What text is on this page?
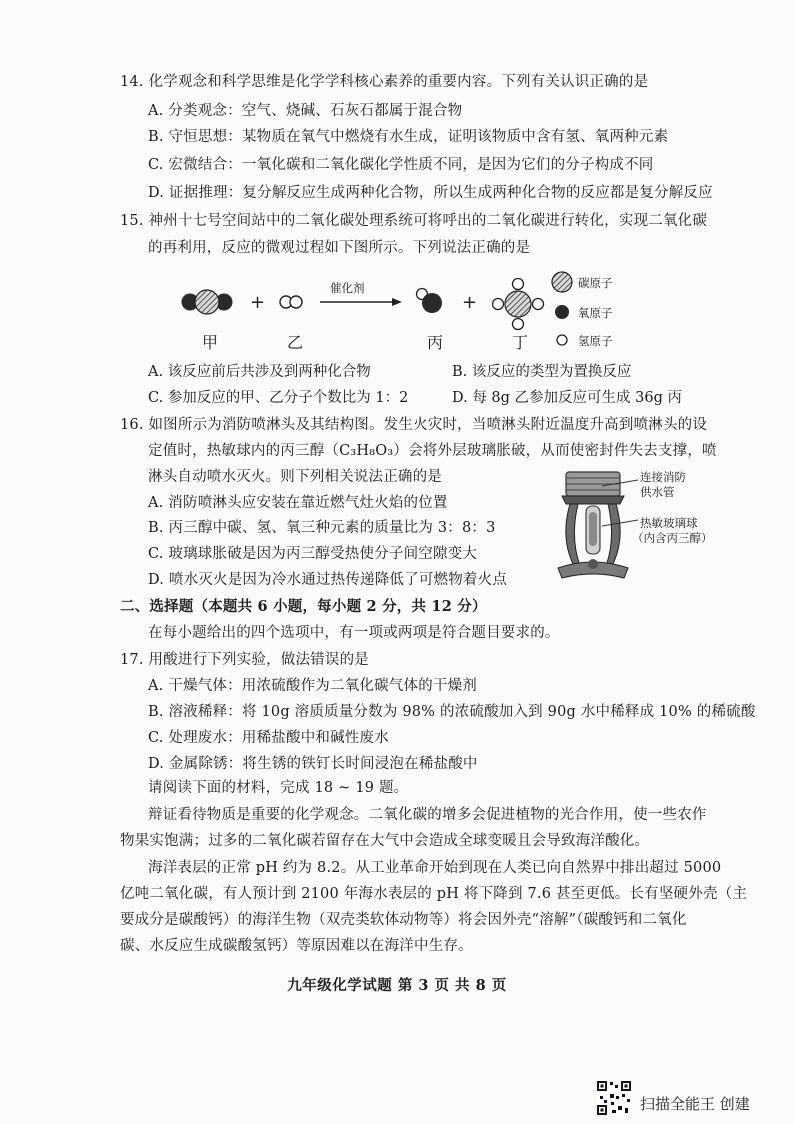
14. 化学观念和科学思维是化学学科核心素养的重要内容。下列有关认识正确的是
A. 分类观念：空气、烧碱、石灰石都属于混合物
B. 守恒思想：某物质在氧气中燃烧有水生成，证明该物质中含有氢、氧两种元素
C. 宏微结合：一氧化碳和二氧化碳化学性质不同，是因为它们的分子构成不同
D. 证据推理：复分解反应生成两种化合物，所以生成两种化合物的反应都是复分解反应
15. 神州十七号空间站中的二氧化碳处理系统可将呼出的二氧化碳进行转化，实现二氧化碳
的再利用，反应的微观过程如下图所示。下列说法正确的是
+	+
催化剂	碳原子
氧原子
氢原子
甲	乙	丙	丁
A. 该反应前后共涉及到两种化合物	B. 该反应的类型为置换反应
C. 参加反应的甲、乙分子个数比为 1：2	D. 每 8g 乙参加反应可生成 36g 丙
16. 如图所示为消防喷淋头及其结构图。发生火灾时，当喷淋头附近温度升高到喷淋头的设
定值时，热敏球内的丙三醇（C₃H₈O₃）会将外层玻璃胀破，从而使密封件失去支撑，喷
淋头自动喷水灭火。则下列相关说法正确的是
A. 消防喷淋头应安装在靠近燃气灶火焰的位置
B. 丙三醇中碳、氢、氧三种元素的质量比为 3：8：3
C. 玻璃球胀破是因为丙三醇受热使分子间空隙变大
D. 喷水灭火是因为冷水通过热传递降低了可燃物着火点
连接消防
供水管
热敏玻璃球
（内含丙三醇）
二、选择题（本题共 6 小题，每小题 2 分，共 12 分）
在每小题给出的四个选项中，有一项或两项是符合题目要求的。
17. 用酸进行下列实验，做法错误的是
A. 干燥气体：用浓硫酸作为二氧化碳气体的干燥剂
B. 溶液稀释：将 10g 溶质质量分数为 98% 的浓硫酸加入到 90g 水中稀释成 10% 的稀硫酸
C. 处理废水：用稀盐酸中和碱性废水
D. 金属除锈：将生锈的铁钉长时间浸泡在稀盐酸中
请阅读下面的材料，完成 18 ~ 19 题。
辩证看待物质是重要的化学观念。二氧化碳的增多会促进植物的光合作用，使一些农作
物果实饱满；过多的二氧化碳若留存在大气中会造成全球变暖且会导致海洋酸化。
海洋表层的正常 pH 约为 8.2。从工业革命开始到现在人类已向自然界中排出超过 5000
亿吨二氧化碳，有人预计到 2100 年海水表层的 pH 将下降到 7.6 甚至更低。长有坚硬外壳（主
要成分是碳酸钙）的海洋生物（双壳类软体动物等）将会因外壳“溶解”（碳酸钙和二氧化
碳、水反应生成碳酸氢钙）等原因难以在海洋中生存。
九年级化学试题 第 3 页 共 8 页
扫描全能王 创建
